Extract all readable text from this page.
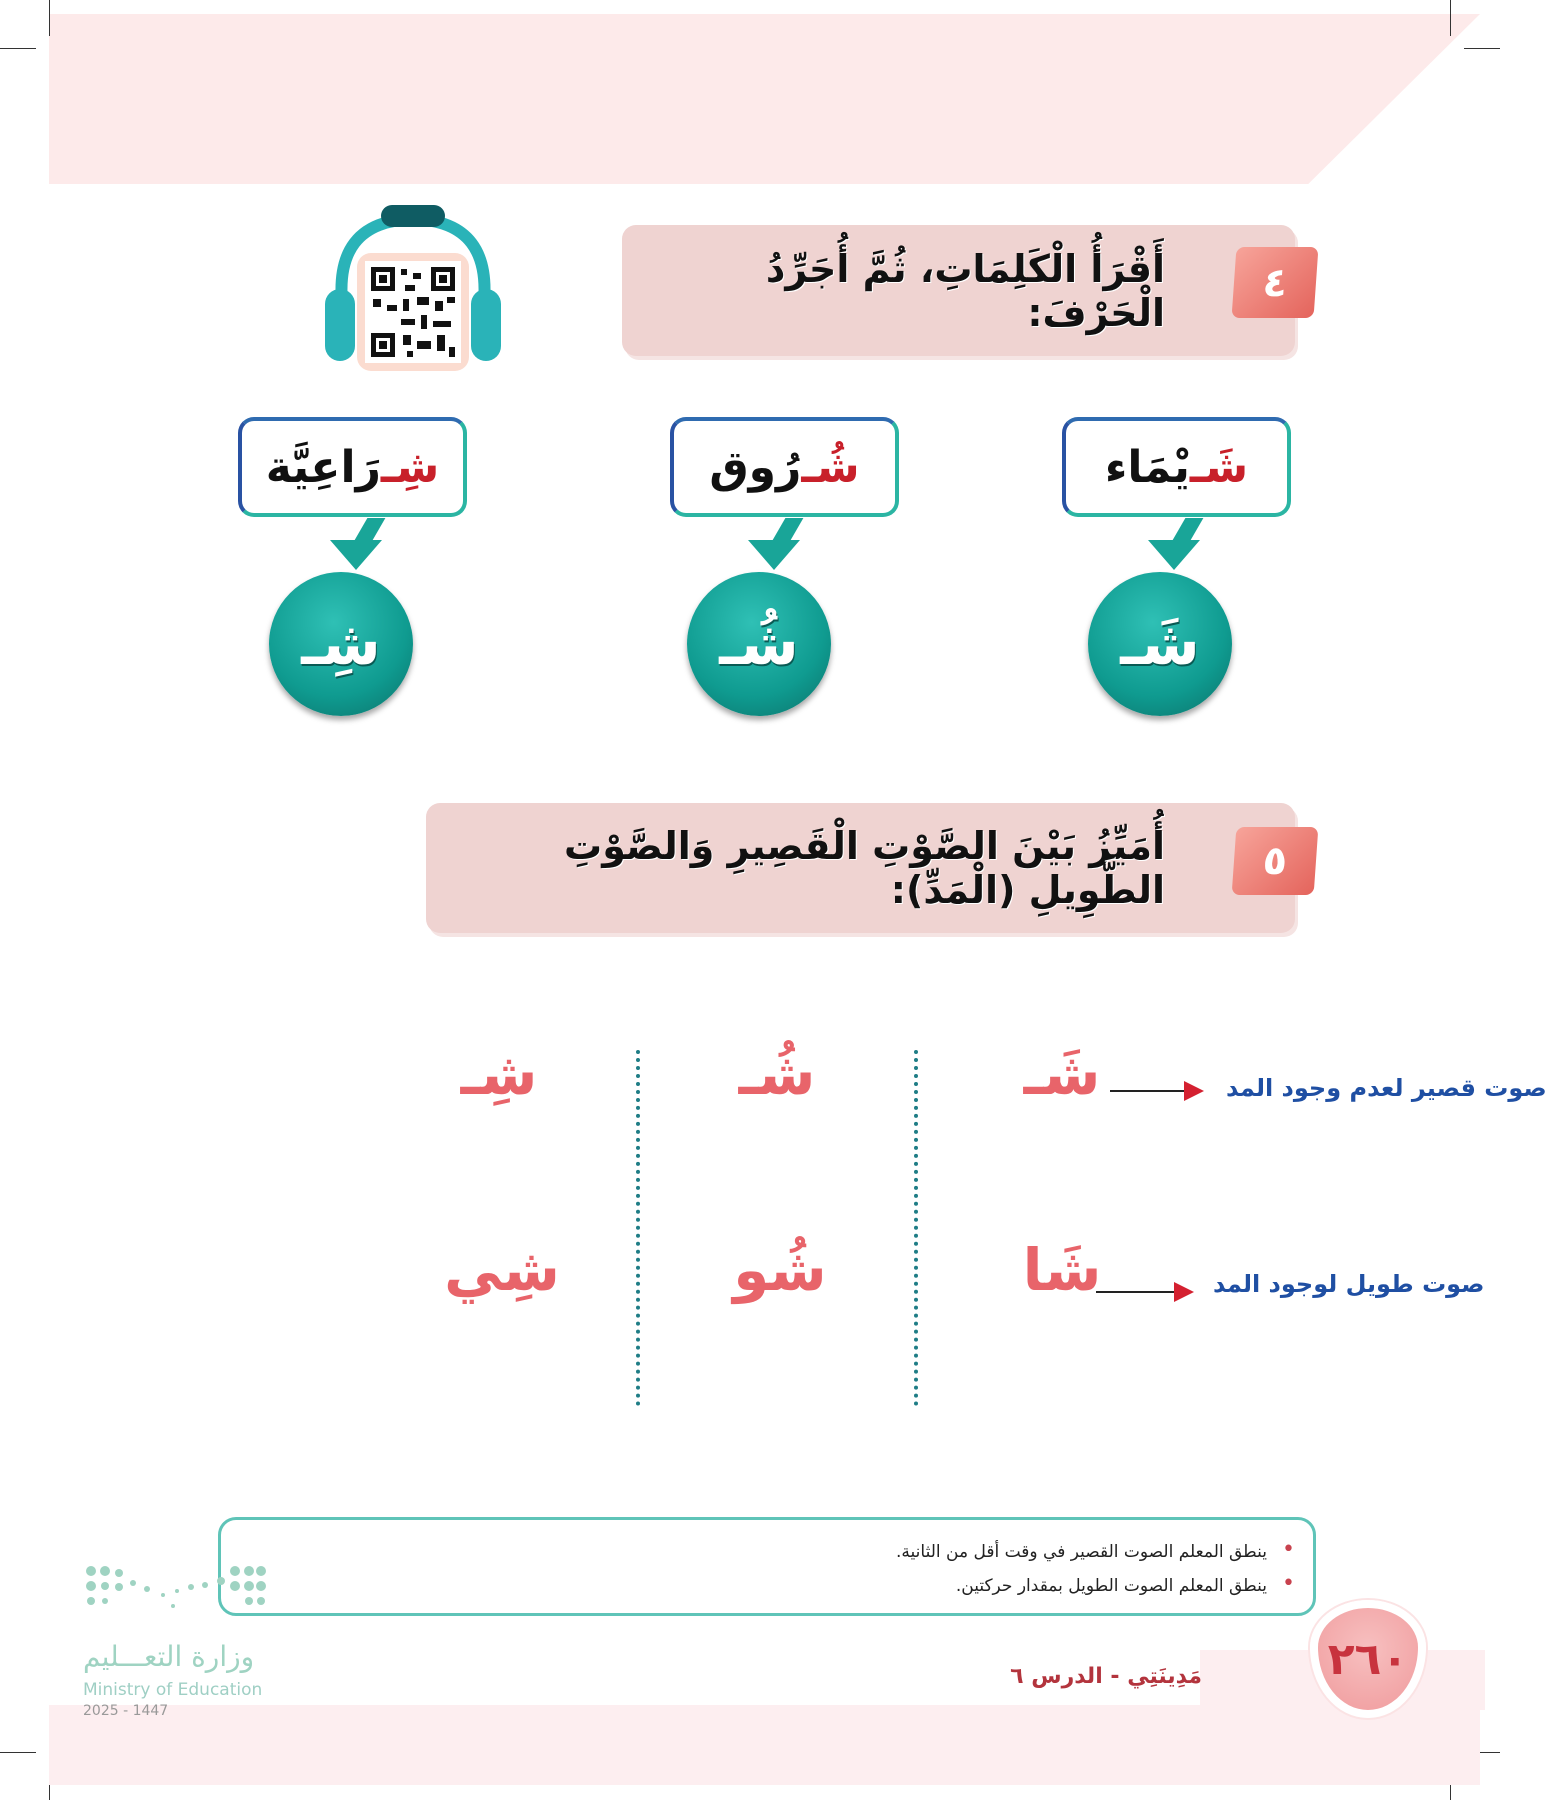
أَقْرَأُ الْكَلِمَاتِ، ثُمَّ أُجَرِّدُ الْحَرْفَ:
٤
شَـ
يْمَاء
شُـ
رُوق
شِـ
رَاعِيَّة
شَـ
شُـ
شِـ
أُمَيِّزُ بَيْنَ الصَّوْتِ الْقَصِيرِ وَالصَّوْتِ الطَّوِيلِ (الْمَدِّ):
٥
صوت قصير لعدم وجود المد
صوت طويل لوجود المد
شَـ
شُـ
شِـ
شَا
شُو
شِي
• ينطق المعلم الصوت القصير في وقت أقل من الثانية.
• ينطق المعلم الصوت الطويل بمقدار حركتين.
وزارة التعـــليم
Ministry of Education
2025 - 1447
مَدِينَتِي - الدرس ٦	٢٦٠
